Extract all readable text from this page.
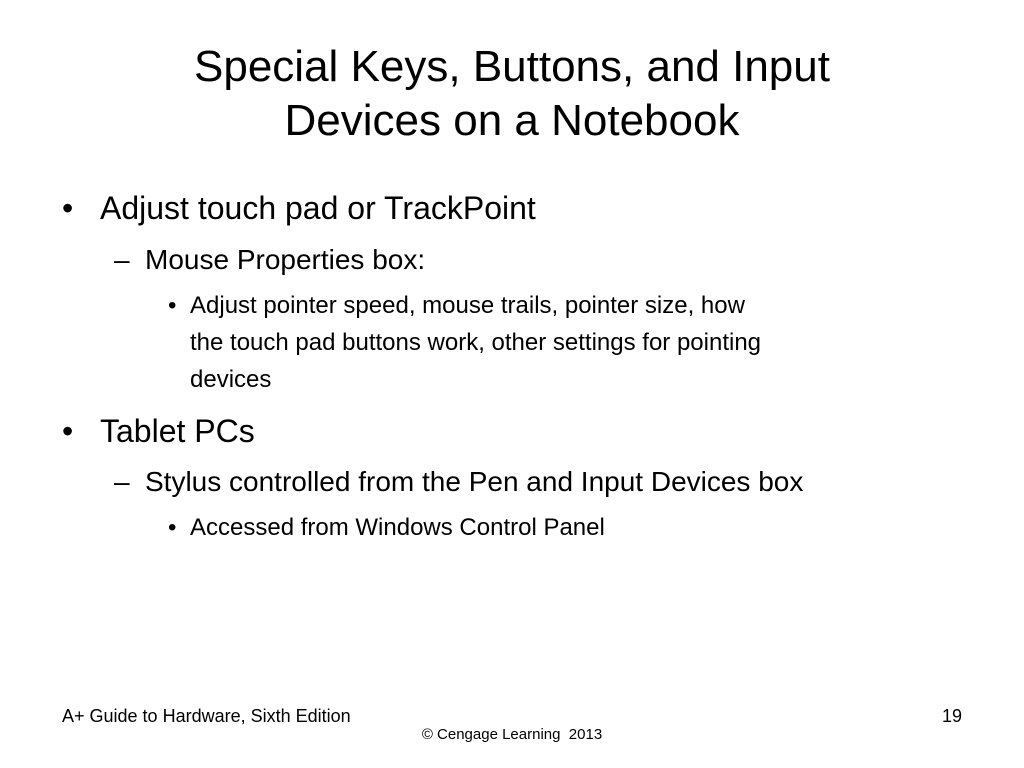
Special Keys, Buttons, and Input
Devices on a Notebook
• Adjust touch pad or TrackPoint
– Mouse Properties box:
• Adjust pointer speed, mouse trails, pointer size, how
the touch pad buttons work, other settings for pointing
devices
• Tablet PCs
– Stylus controlled from the Pen and Input Devices box
• Accessed from Windows Control Panel
A+ Guide to Hardware, Sixth Edition	19
© Cengage Learning  2013
